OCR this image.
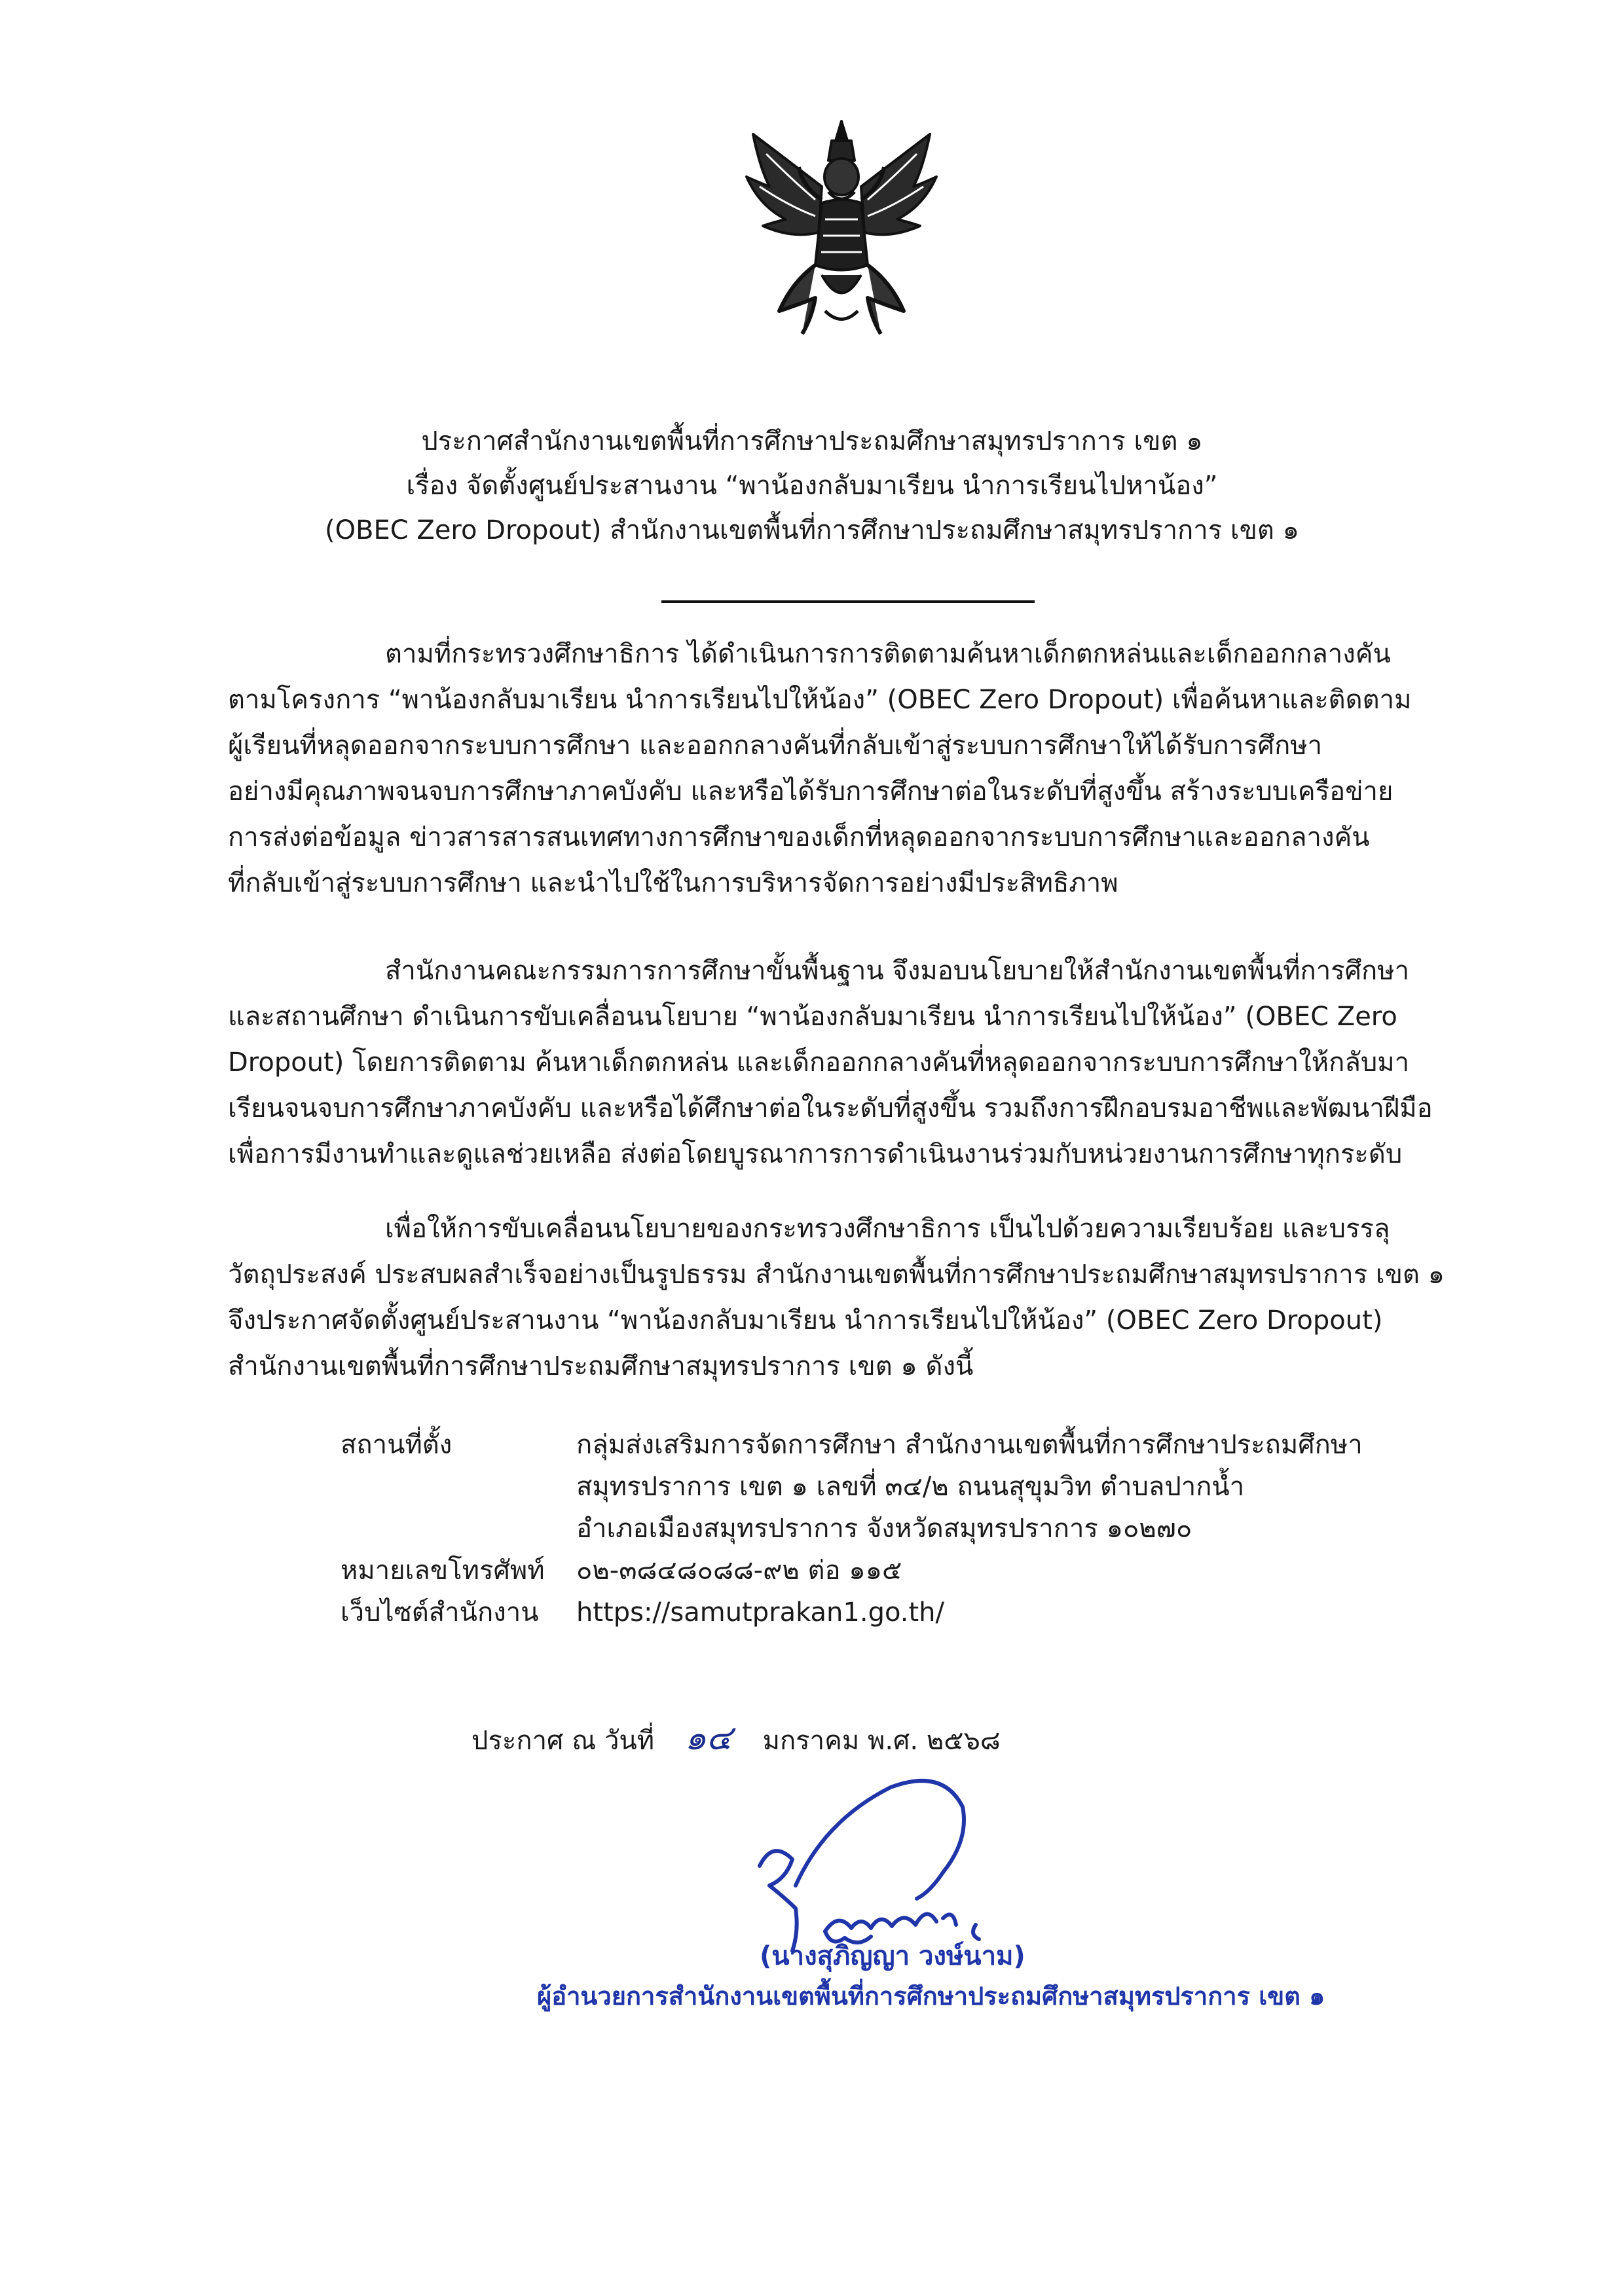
ประกาศสำนักงานเขตพื้นที่การศึกษาประถมศึกษาสมุทรปราการ เขต ๑
เรื่อง จัดตั้งศูนย์ประสานงาน “พาน้องกลับมาเรียน นำการเรียนไปหาน้อง”
(OBEC Zero Dropout) สำนักงานเขตพื้นที่การศึกษาประถมศึกษาสมุทรปราการ เขต ๑
ตามที่กระทรวงศึกษาธิการ ได้ดำเนินการการติดตามค้นหาเด็กตกหล่นและเด็กออกกลางคัน
ตามโครงการ “พาน้องกลับมาเรียน นำการเรียนไปให้น้อง” (OBEC Zero Dropout) เพื่อค้นหาและติดตาม
ผู้เรียนที่หลุดออกจากระบบการศึกษา และออกกลางคันที่กลับเข้าสู่ระบบการศึกษาให้ได้รับการศึกษา
อย่างมีคุณภาพจนจบการศึกษาภาคบังคับ และหรือได้รับการศึกษาต่อในระดับที่สูงขึ้น สร้างระบบเครือข่าย
การส่งต่อข้อมูล ข่าวสารสารสนเทศทางการศึกษาของเด็กที่หลุดออกจากระบบการศึกษาและออกลางคัน
ที่กลับเข้าสู่ระบบการศึกษา และนำไปใช้ในการบริหารจัดการอย่างมีประสิทธิภาพ
สำนักงานคณะกรรมการการศึกษาขั้นพื้นฐาน จึงมอบนโยบายให้สำนักงานเขตพื้นที่การศึกษา
และสถานศึกษา ดำเนินการขับเคลื่อนนโยบาย “พาน้องกลับมาเรียน นำการเรียนไปให้น้อง” (OBEC Zero
Dropout) โดยการติดตาม ค้นหาเด็กตกหล่น และเด็กออกกลางคันที่หลุดออกจากระบบการศึกษาให้กลับมา
เรียนจนจบการศึกษาภาคบังคับ และหรือได้ศึกษาต่อในระดับที่สูงขึ้น รวมถึงการฝึกอบรมอาชีพและพัฒนาฝีมือ
เพื่อการมีงานทำและดูแลช่วยเหลือ ส่งต่อโดยบูรณาการการดำเนินงานร่วมกับหน่วยงานการศึกษาทุกระดับ
เพื่อให้การขับเคลื่อนนโยบายของกระทรวงศึกษาธิการ เป็นไปด้วยความเรียบร้อย และบรรลุ
วัตถุประสงค์ ประสบผลสำเร็จอย่างเป็นรูปธรรม สำนักงานเขตพื้นที่การศึกษาประถมศึกษาสมุทรปราการ เขต ๑
จึงประกาศจัดตั้งศูนย์ประสานงาน “พาน้องกลับมาเรียน นำการเรียนไปให้น้อง” (OBEC Zero Dropout)
สำนักงานเขตพื้นที่การศึกษาประถมศึกษาสมุทรปราการ เขต ๑ ดังนี้
สถานที่ตั้ง	กลุ่มส่งเสริมการจัดการศึกษา สำนักงานเขตพื้นที่การศึกษาประถมศึกษา
สมุทรปราการ เขต ๑ เลขที่ ๓๔/๒ ถนนสุขุมวิท ตำบลปากน้ำ
อำเภอเมืองสมุทรปราการ จังหวัดสมุทรปราการ ๑๐๒๗๐
หมายเลขโทรศัพท์	๐๒-๓๘๔๘๐๘๘-๙๒ ต่อ ๑๑๕
เว็บไซต์สำนักงาน	https://samutprakan1.go.th/
ประกาศ ณ วันที่ ๑๔ มกราคม พ.ศ. ๒๕๖๘
(นางสุภิญญา วงษ์นาม)
ผู้อำนวยการสำนักงานเขตพื้นที่การศึกษาประถมศึกษาสมุทรปราการ เขต ๑
